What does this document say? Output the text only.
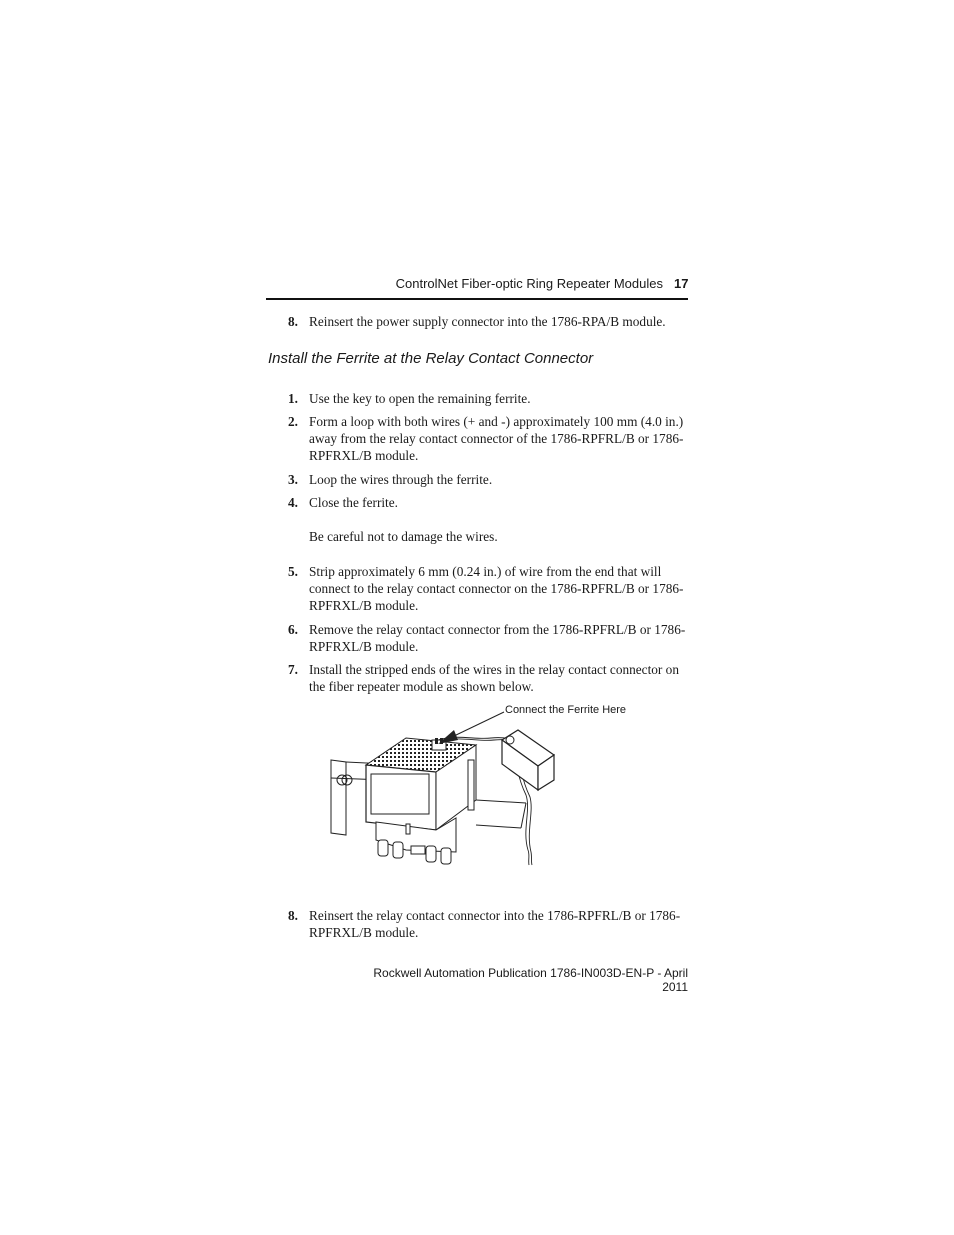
ControlNet Fiber-optic Ring Repeater Modules 17
8. Reinsert the power supply connector into the 1786-RPA/B module.
Install the Ferrite at the Relay Contact Connector
1. Use the key to open the remaining ferrite.
2. Form a loop with both wires (+ and -) approximately 100 mm (4.0 in.) away from the relay contact connector of the 1786-RPFRL/B or 1786-RPFRXL/B module.
3. Loop the wires through the ferrite.
4. Close the ferrite.
Be careful not to damage the wires.
5. Strip approximately 6 mm (0.24 in.) of wire from the end that will connect to the relay contact connector on the 1786-RPFRL/B or 1786-RPFRXL/B module.
6. Remove the relay contact connector from the 1786-RPFRL/B or 1786-RPFRXL/B module.
7. Install the stripped ends of the wires in the relay contact connector on the fiber repeater module as shown below.
Connect the Ferrite Here
8. Reinsert the relay contact connector into the 1786-RPFRL/B or 1786-RPFRXL/B module.
Rockwell Automation Publication 1786-IN003D-EN-P - April 2011
